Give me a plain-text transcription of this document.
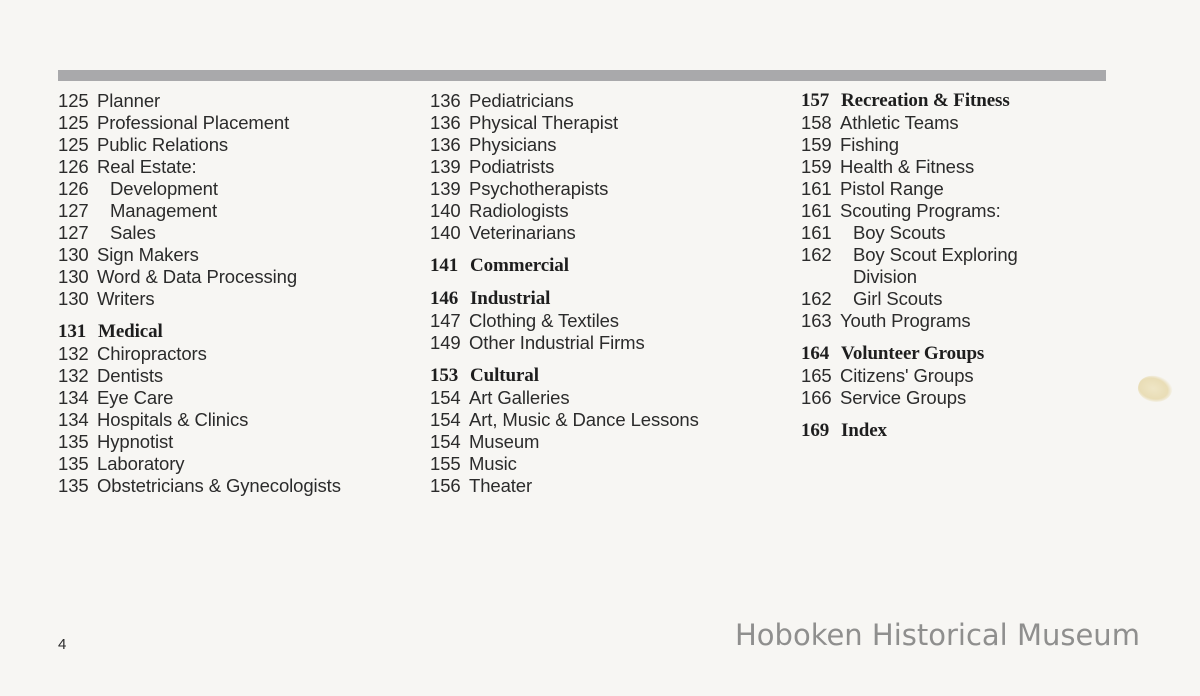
125 Planner
125 Professional Placement
125 Public Relations
126 Real Estate:
126	Development
127	Management
127	Sales
130 Sign Makers
130 Word & Data Processing
130 Writers
131 Medical
132 Chiropractors
132 Dentists
134 Eye Care
134 Hospitals & Clinics
135 Hypnotist
135 Laboratory
135 Obstetricians & Gynecologists
136 Pediatricians
136 Physical Therapist
136 Physicians
139 Podiatrists
139 Psychotherapists
140 Radiologists
140 Veterinarians
141 Commercial
146 Industrial
147 Clothing & Textiles
149 Other Industrial Firms
153 Cultural
154 Art Galleries
154 Art, Music & Dance Lessons
154 Museum
155 Music
156 Theater
157 Recreation & Fitness
158 Athletic Teams
159 Fishing
159 Health & Fitness
161 Pistol Range
161 Scouting Programs:
161	Boy Scouts
162	Boy Scout Exploring
Division
162	Girl Scouts
163 Youth Programs
164 Volunteer Groups
165 Citizens' Groups
166 Service Groups
169 Index
4	Hoboken Historical Museum
